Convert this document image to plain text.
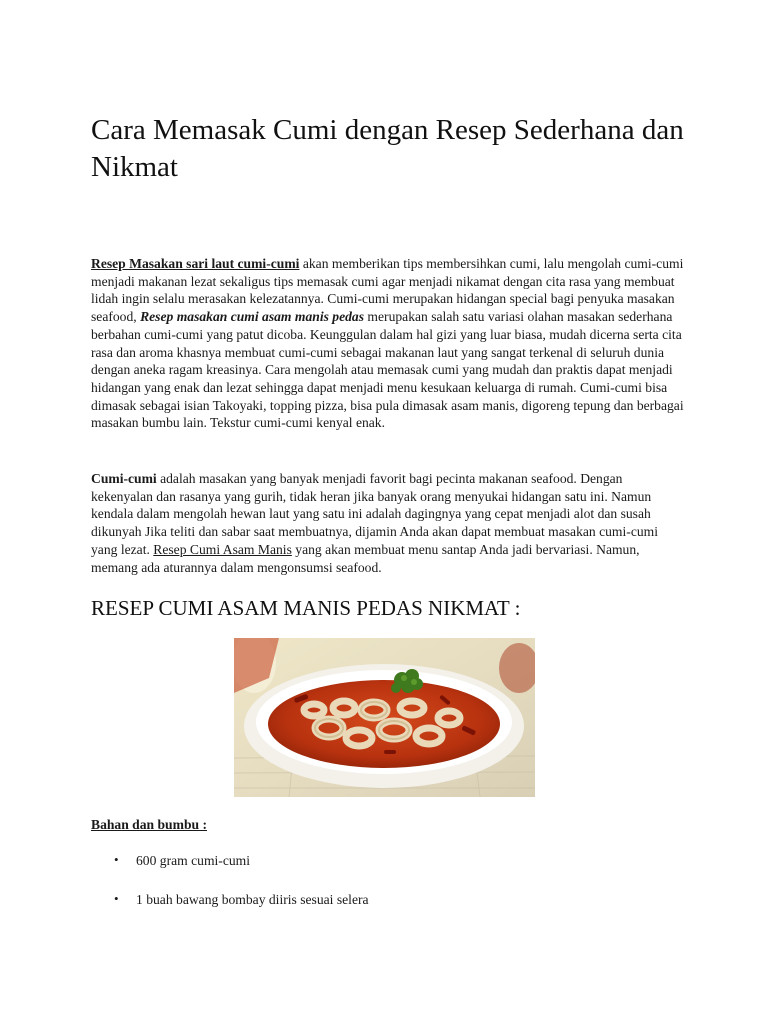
Cara Memasak Cumi dengan Resep Sederhana dan Nikmat

Resep Masakan sari laut cumi-cumi akan memberikan tips membersihkan cumi, lalu mengolah cumi-cumi menjadi makanan lezat sekaligus tips memasak cumi agar menjadi nikamat dengan cita rasa yang membuat lidah ingin selalu merasakan kelezatannya. Cumi-cumi merupakan hidangan special bagi penyuka masakan seafood, Resep masakan cumi asam manis pedas merupakan salah satu variasi olahan masakan sederhana berbahan cumi-cumi yang patut dicoba. Keunggulan dalam hal gizi yang luar biasa, mudah dicerna serta cita rasa dan aroma khasnya membuat cumi-cumi sebagai makanan laut yang sangat terkenal di seluruh dunia dengan aneka ragam kreasinya. Cara mengolah atau memasak cumi yang mudah dan praktis dapat menjadi hidangan yang enak dan lezat sehingga dapat menjadi menu kesukaan keluarga di rumah. Cumi-cumi bisa dimasak sebagai isian Takoyaki, topping pizza, bisa pula dimasak asam manis, digoreng tepung dan berbagai masakan bumbu lain. Tekstur cumi-cumi kenyal enak.

Cumi-cumi adalah masakan yang banyak menjadi favorit bagi pecinta makanan seafood. Dengan kekenyalan dan rasanya yang gurih, tidak heran jika banyak orang menyukai hidangan satu ini. Namun kendala dalam mengolah hewan laut yang satu ini adalah dagingnya yang cepat menjadi alot dan susah dikunyah Jika teliti dan sabar saat membuatnya, dijamin Anda akan dapat membuat masakan cumi-cumi yang lezat. Resep Cumi Asam Manis yang akan membuat menu santap Anda jadi bervariasi. Namun, memang ada aturannya dalam mengonsumsi seafood.

RESEP CUMI ASAM MANIS PEDAS NIKMAT :

Bahan dan bumbu :

• 600 gram cumi-cumi
• 1 buah bawang bombay diiris sesuai selera
